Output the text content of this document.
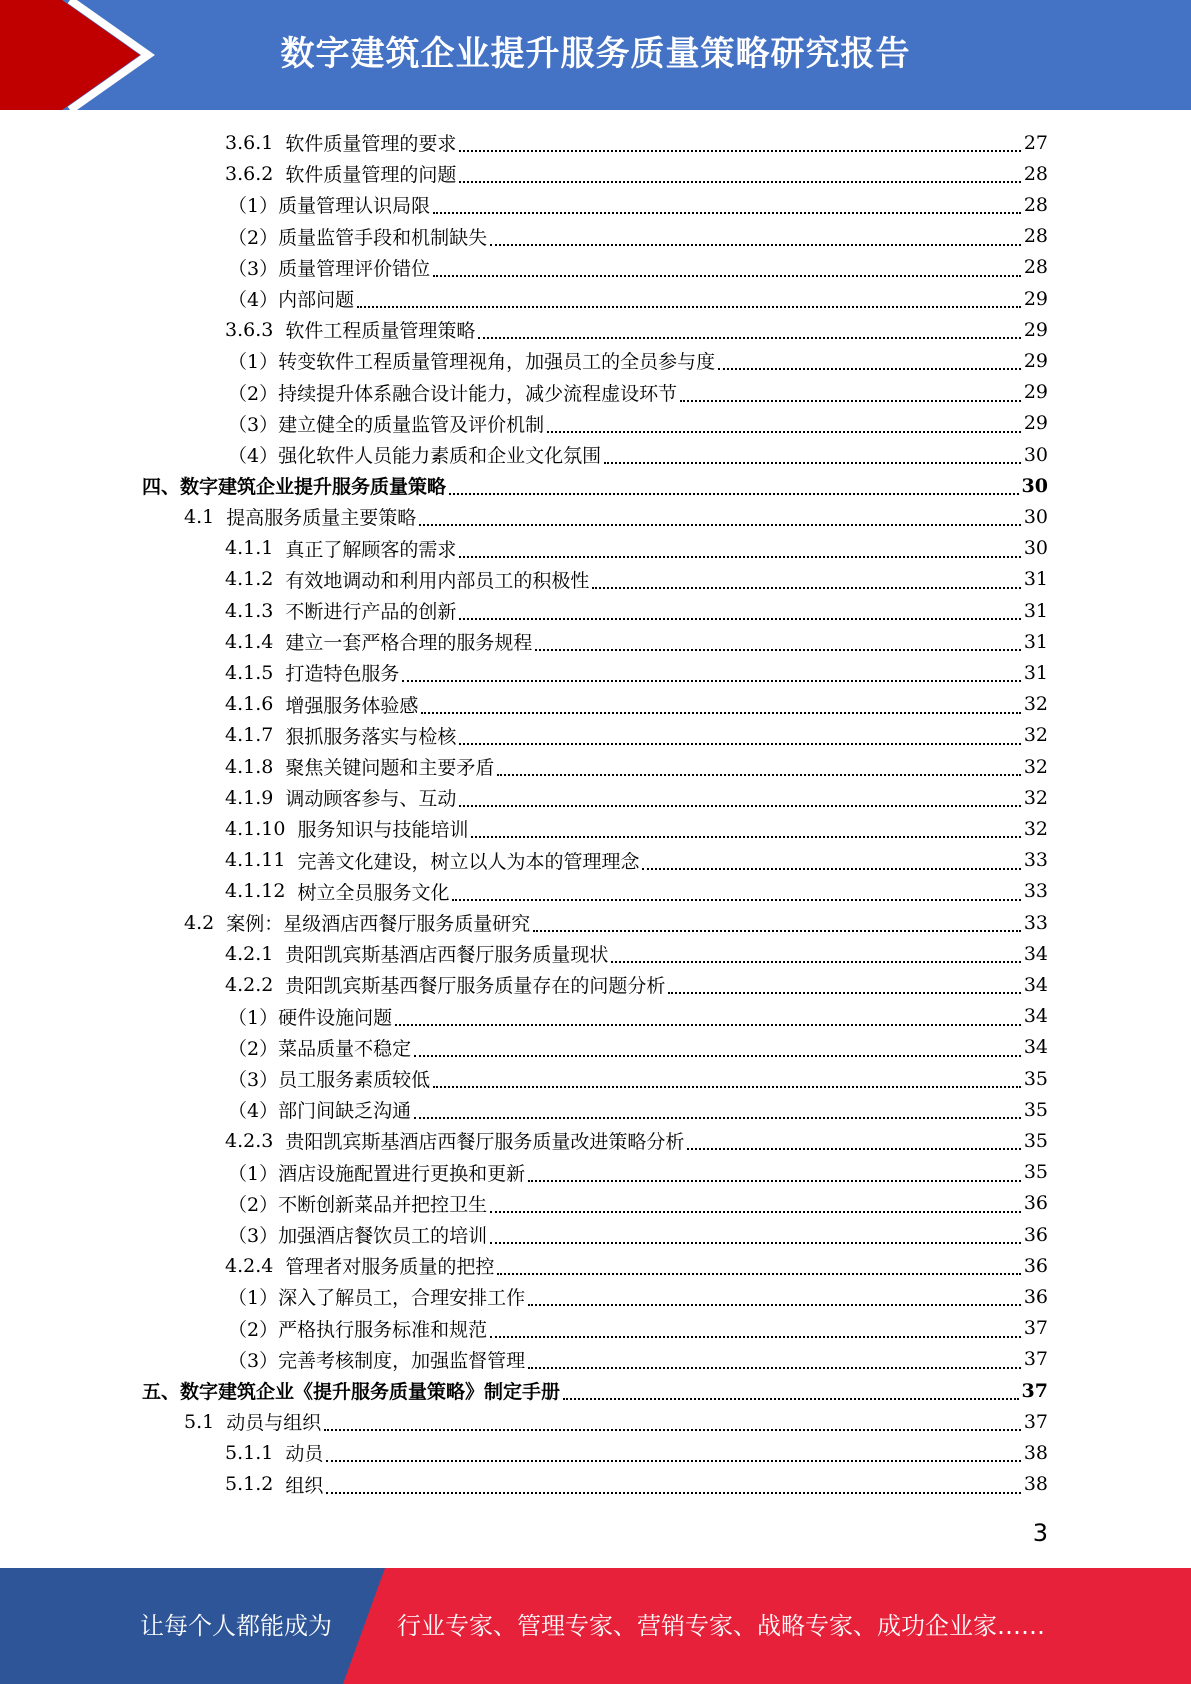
数字建筑企业提升服务质量策略研究报告
3.6.1 软件质量管理的要求	27
3.6.2 软件质量管理的问题	28
（1）质量管理认识局限	28
（2）质量监管手段和机制缺失	28
（3）质量管理评价错位	28
（4）内部问题	29
3.6.3 软件工程质量管理策略	29
（1）转变软件工程质量管理视角，加强员工的全员参与度	29
（2）持续提升体系融合设计能力，减少流程虚设环节	29
（3）建立健全的质量监管及评价机制	29
（4）强化软件人员能力素质和企业文化氛围	30
四、数字建筑企业提升服务质量策略	30
4.1 提高服务质量主要策略	30
4.1.1 真正了解顾客的需求	30
4.1.2 有效地调动和利用内部员工的积极性	31
4.1.3 不断进行产品的创新	31
4.1.4 建立一套严格合理的服务规程	31
4.1.5 打造特色服务	31
4.1.6 增强服务体验感	32
4.1.7 狠抓服务落实与检核	32
4.1.8 聚焦关键问题和主要矛盾	32
4.1.9 调动顾客参与、互动	32
4.1.10 服务知识与技能培训	32
4.1.11 完善文化建设，树立以人为本的管理理念	33
4.1.12 树立全员服务文化	33
4.2 案例：星级酒店西餐厅服务质量研究	33
4.2.1 贵阳凯宾斯基酒店西餐厅服务质量现状	34
4.2.2 贵阳凯宾斯基西餐厅服务质量存在的问题分析	34
（1）硬件设施问题	34
（2）菜品质量不稳定	34
（3）员工服务素质较低	35
（4）部门间缺乏沟通	35
4.2.3 贵阳凯宾斯基酒店西餐厅服务质量改进策略分析	35
（1）酒店设施配置进行更换和更新	35
（2）不断创新菜品并把控卫生	36
（3）加强酒店餐饮员工的培训	36
4.2.4 管理者对服务质量的把控	36
（1）深入了解员工，合理安排工作	36
（2）严格执行服务标准和规范	37
（3）完善考核制度，加强监督管理	37
五、数字建筑企业《提升服务质量策略》制定手册	37
5.1 动员与组织	37
5.1.1 动员	38
5.1.2 组织	38
3
让每个人都能成为	行业专家、管理专家、营销专家、战略专家、成功企业家……
